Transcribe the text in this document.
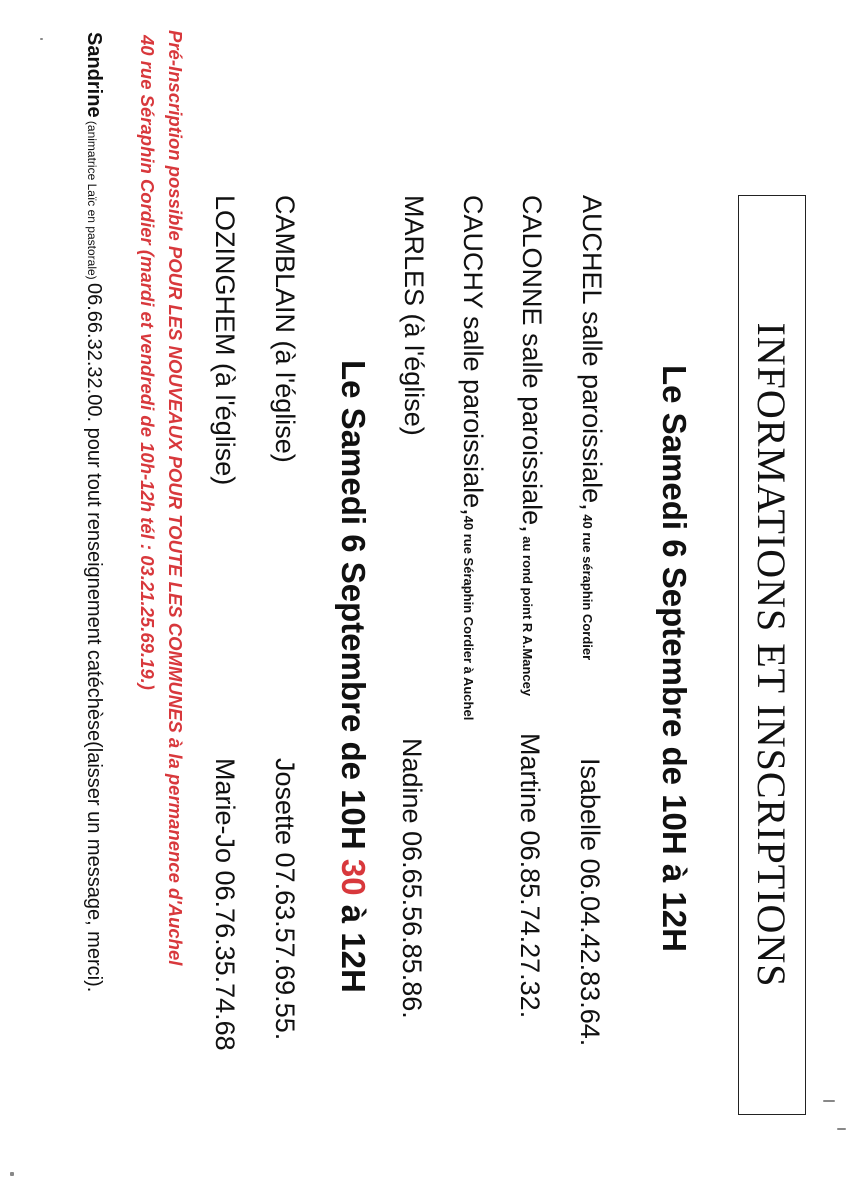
INFORMATIONS ET INSCRIPTIONS
Le Samedi 6 Septembre de 10H à 12H
AUCHEL salle paroissiale, 40 rue séraphin Cordier
CALONNE salle paroissiale, au rond point R A.Mancey
CAUCHY salle paroissiale,40 rue Séraphin Cordier à Auchel
MARLES (à l'église)
Isabelle 06.04.42.83.64.
Martine 06.85.74.27.32.
Nadine 06.65.56.85.86.
Le Samedi 6 Septembre de 10H 30 à 12H
CAMBLAIN (à l'église)
Josette 07.63.57.69.55.
LOZINGHEM (à l'église)
Marie-Jo 06.76.35.74.68
Pré-Inscription possible POUR LES NOUVEAUX POUR TOUTE LES COMMUNES à la permanence d'Auchel
40 rue Séraphin Cordier (mardi et vendredi de 10h-12h tél : 03.21.25.69.19.)
Sandrine (animatrice Laïc en pastorale) 06.66.32.32.00. pour tout renseignement catéchèse(laisser un message, merci).
